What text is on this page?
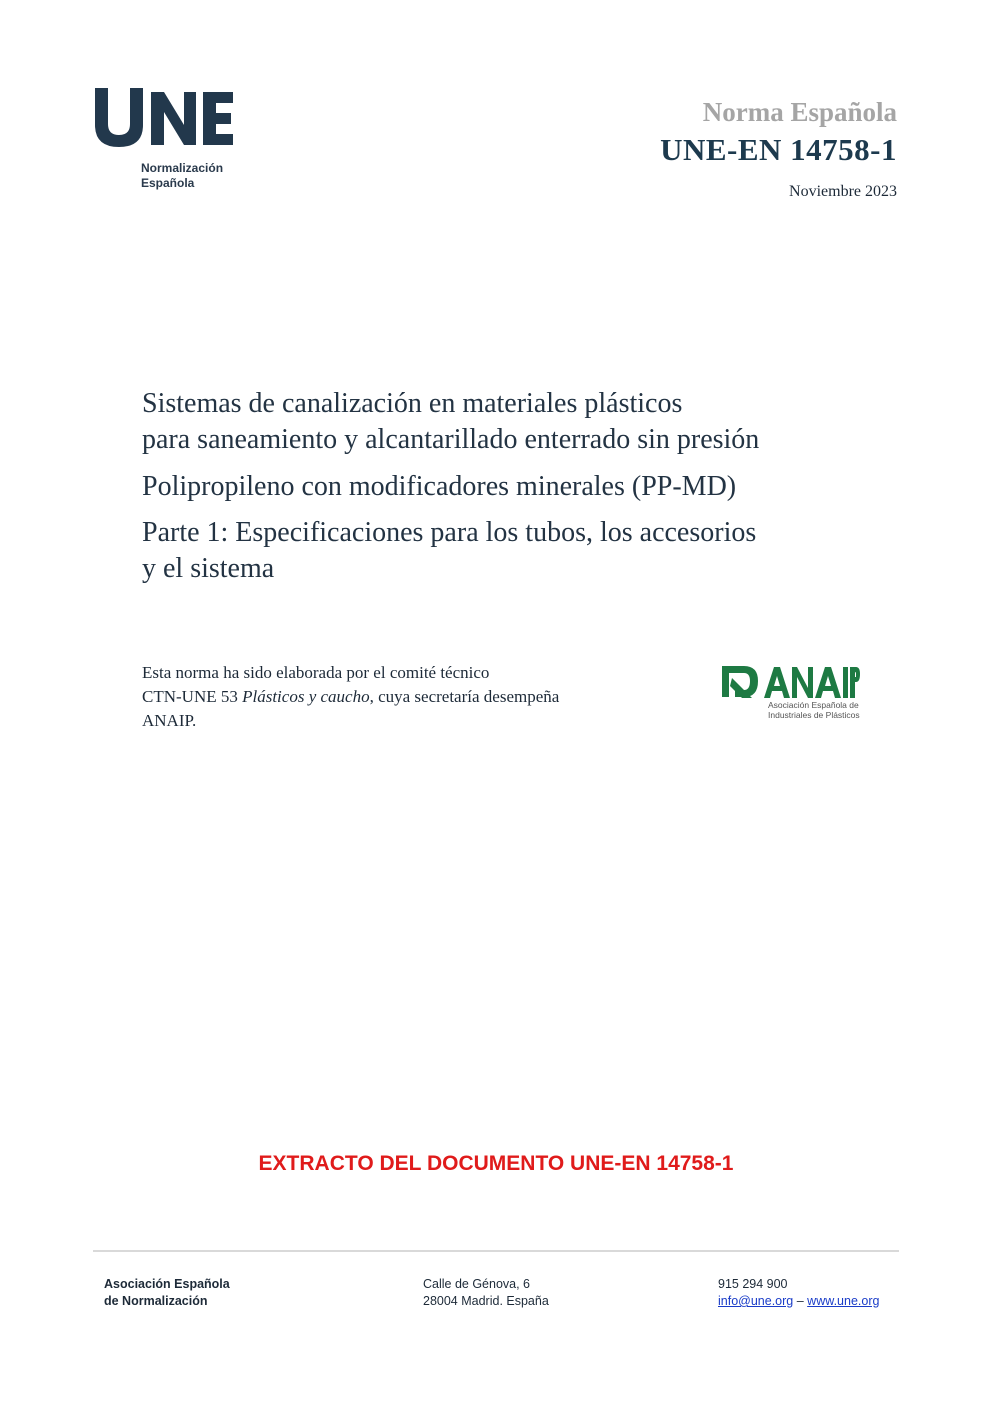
Normalización
Española
Norma Española
UNE-EN 14758-1
Noviembre 2023
Sistemas de canalización en materiales plásticos
para saneamiento y alcantarillado enterrado sin presión
Polipropileno con modificadores minerales (PP-MD)
Parte 1: Especificaciones para los tubos, los accesorios
y el sistema
Esta norma ha sido elaborada por el comité técnico
CTN-UNE 53 Plásticos y caucho, cuya secretaría desempeña
ANAIP.
Asociación Española de
Industriales de Plásticos
EXTRACTO DEL DOCUMENTO UNE-EN 14758-1
Asociación Española
de Normalización
Calle de Génova, 6
28004 Madrid. España
915 294 900
info@une.org – www.une.org
